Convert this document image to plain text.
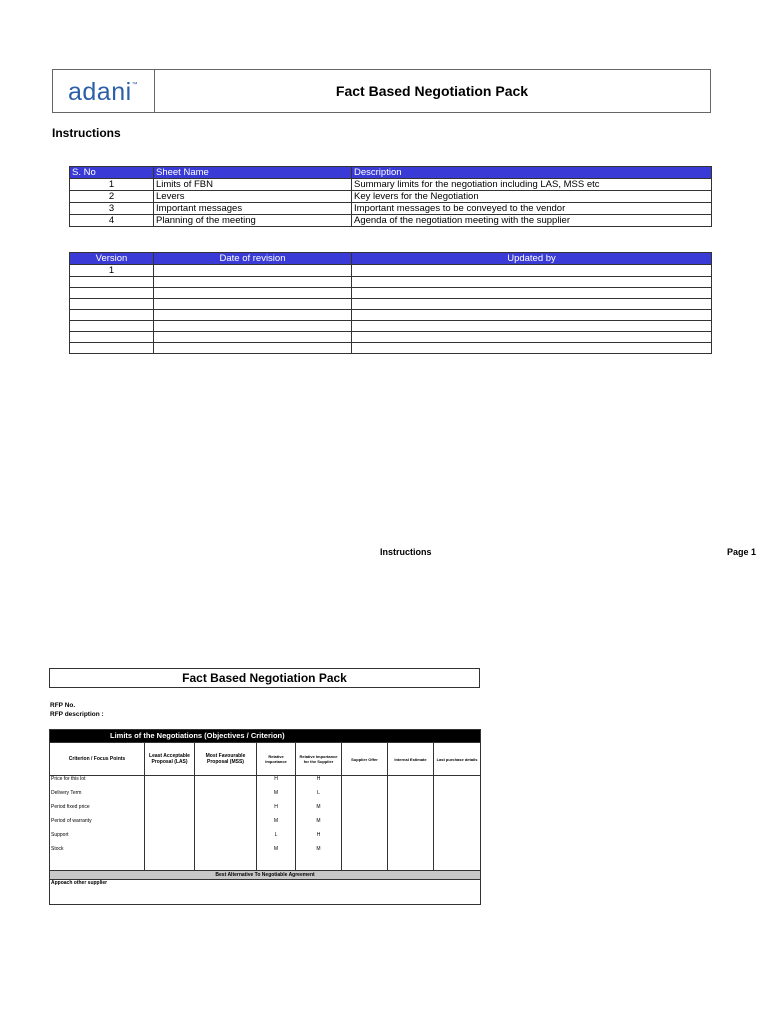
adani™	Fact Based Negotiation Pack
Instructions
S. No	Sheet Name	Description
1	Limits of FBN	Summary limits for the negotiation including LAS, MSS etc
2	Levers	Key levers for the Negotiation
3	Important messages	Important messages to be conveyed to the vendor
4	Planning of the meeting	Agenda of the negotiation meeting with the supplier
Version	Date of revision	Updated by
1		

Instructions	Page 1
Fact Based Negotiation Pack
RFP No.
RFP description :
Limits of the Negotiations (Objectives / Criterion)							
Criterion / Focus Points	Least Acceptable Proposal (LAS)	Most Favourable Proposal (MSS)	Relative Importance	Relative Importance for the Supplier	Supplier Offer	Internal Estimate	Last purchase details
Price for this lot			H	H			
Delivery Term			M	L			
Period fixed price			H	M			
Period of warranty			M	M			
Support			L	H			
Stock			M	M			

Best Alternative To Negotiable Agreement							
Appoach other supplier							
